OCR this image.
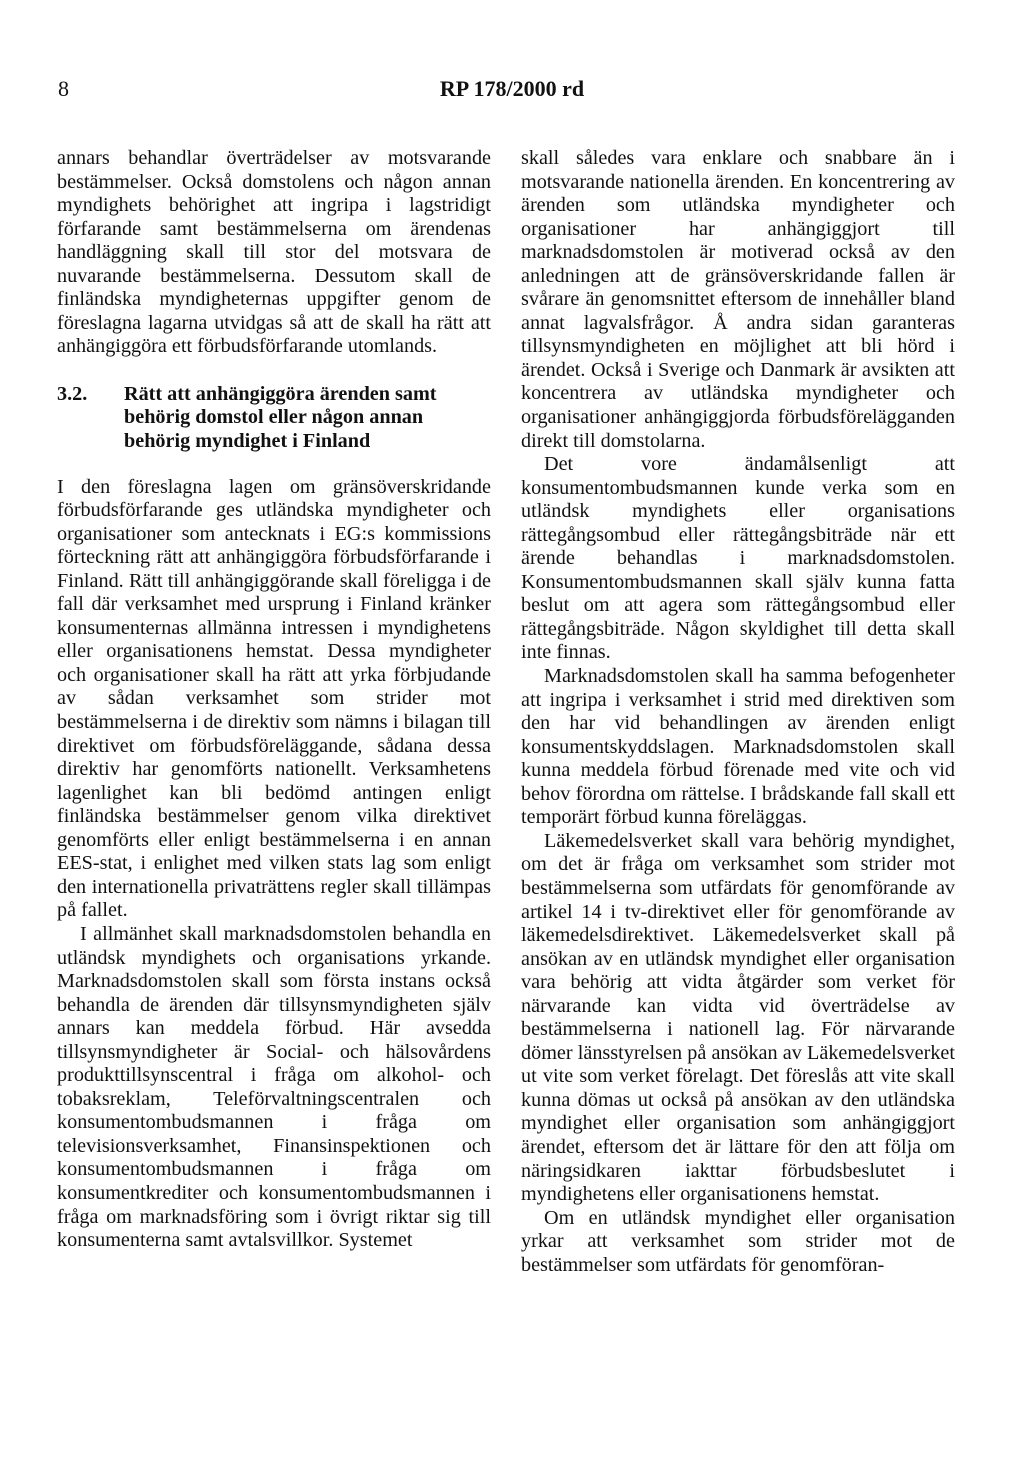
8	RP 178/2000 rd

annars behandlar överträdelser av motsvarande bestämmelser. Också domstolens och någon annan myndighets behörighet att ingripa i lagstridigt förfarande samt bestämmelserna om ärendenas handläggning skall till stor del motsvara de nuvarande bestämmelserna. Dessutom skall de finländska myndigheternas uppgifter genom de föreslagna lagarna utvidgas så att de skall ha rätt att anhängiggöra ett förbudsförfarande utomlands.

3.2.	Rätt att anhängiggöra ärenden samt behörig domstol eller någon annan behörig myndighet i Finland

I den föreslagna lagen om gränsöverskridande förbudsförfarande ges utländska myndigheter och organisationer som antecknats i EG:s kommissions förteckning rätt att anhängiggöra förbudsförfarande i Finland. Rätt till anhängiggörande skall föreligga i de fall där verksamhet med ursprung i Finland kränker konsumenternas allmänna intressen i myndighetens eller organisationens hemstat. Dessa myndigheter och organisationer skall ha rätt att yrka förbjudande av sådan verksamhet som strider mot bestämmelserna i de direktiv som nämns i bilagan till direktivet om förbudsföreläggande, sådana dessa direktiv har genomförts nationellt. Verksamhetens lagenlighet kan bli bedömd antingen enligt finländska bestämmelser genom vilka direktivet genomförts eller enligt bestämmelserna i en annan EES-stat, i enlighet med vilken stats lag som enligt den internationella privaträttens regler skall tillämpas på fallet.

I allmänhet skall marknadsdomstolen behandla en utländsk myndighets och organisations yrkande. Marknadsdomstolen skall som första instans också behandla de ärenden där tillsynsmyndigheten själv annars kan meddela förbud. Här avsedda tillsynsmyndigheter är Social- och hälsovårdens produkttillsynscentral i fråga om alkohol- och tobaksreklam, Teleförvaltningscentralen och konsumentombudsmannen i fråga om televisionsverksamhet, Finansinspektionen och konsumentombudsmannen i fråga om konsumentkrediter och konsumentombudsmannen i fråga om marknadsföring som i övrigt riktar sig till konsumenterna samt avtalsvillkor. Systemet

skall således vara enklare och snabbare än i motsvarande nationella ärenden. En koncentrering av ärenden som utländska myndigheter och organisationer har anhängiggjort till marknadsdomstolen är motiverad också av den anledningen att de gränsöverskridande fallen är svårare än genomsnittet eftersom de innehåller bland annat lagvalsfrågor. Å andra sidan garanteras tillsynsmyndigheten en möjlighet att bli hörd i ärendet. Också i Sverige och Danmark är avsikten att koncentrera av utländska myndigheter och organisationer anhängiggjorda förbudsförelägganden direkt till domstolarna.

Det vore ändamålsenligt att konsumentombudsmannen kunde verka som en utländsk myndighets eller organisations rättegångsombud eller rättegångsbiträde när ett ärende behandlas i marknadsdomstolen. Konsumentombudsmannen skall själv kunna fatta beslut om att agera som rättegångsombud eller rättegångsbiträde. Någon skyldighet till detta skall inte finnas.

Marknadsdomstolen skall ha samma befogenheter att ingripa i verksamhet i strid med direktiven som den har vid behandlingen av ärenden enligt konsumentskyddslagen. Marknadsdomstolen skall kunna meddela förbud förenade med vite och vid behov förordna om rättelse. I brådskande fall skall ett temporärt förbud kunna föreläggas.

Läkemedelsverket skall vara behörig myndighet, om det är fråga om verksamhet som strider mot bestämmelserna som utfärdats för genomförande av artikel 14 i tv-direktivet eller för genomförande av läkemedelsdirektivet. Läkemedelsverket skall på ansökan av en utländsk myndighet eller organisation vara behörig att vidta åtgärder som verket för närvarande kan vidta vid överträdelse av bestämmelserna i nationell lag. För närvarande dömer länsstyrelsen på ansökan av Läkemedelsverket ut vite som verket förelagt. Det föreslås att vite skall kunna dömas ut också på ansökan av den utländska myndighet eller organisation som anhängiggjort ärendet, eftersom det är lättare för den att följa om näringsidkaren iakttar förbudsbeslutet i myndighetens eller organisationens hemstat.

Om en utländsk myndighet eller organisation yrkar att verksamhet som strider mot de bestämmelser som utfärdats för genomföran-
